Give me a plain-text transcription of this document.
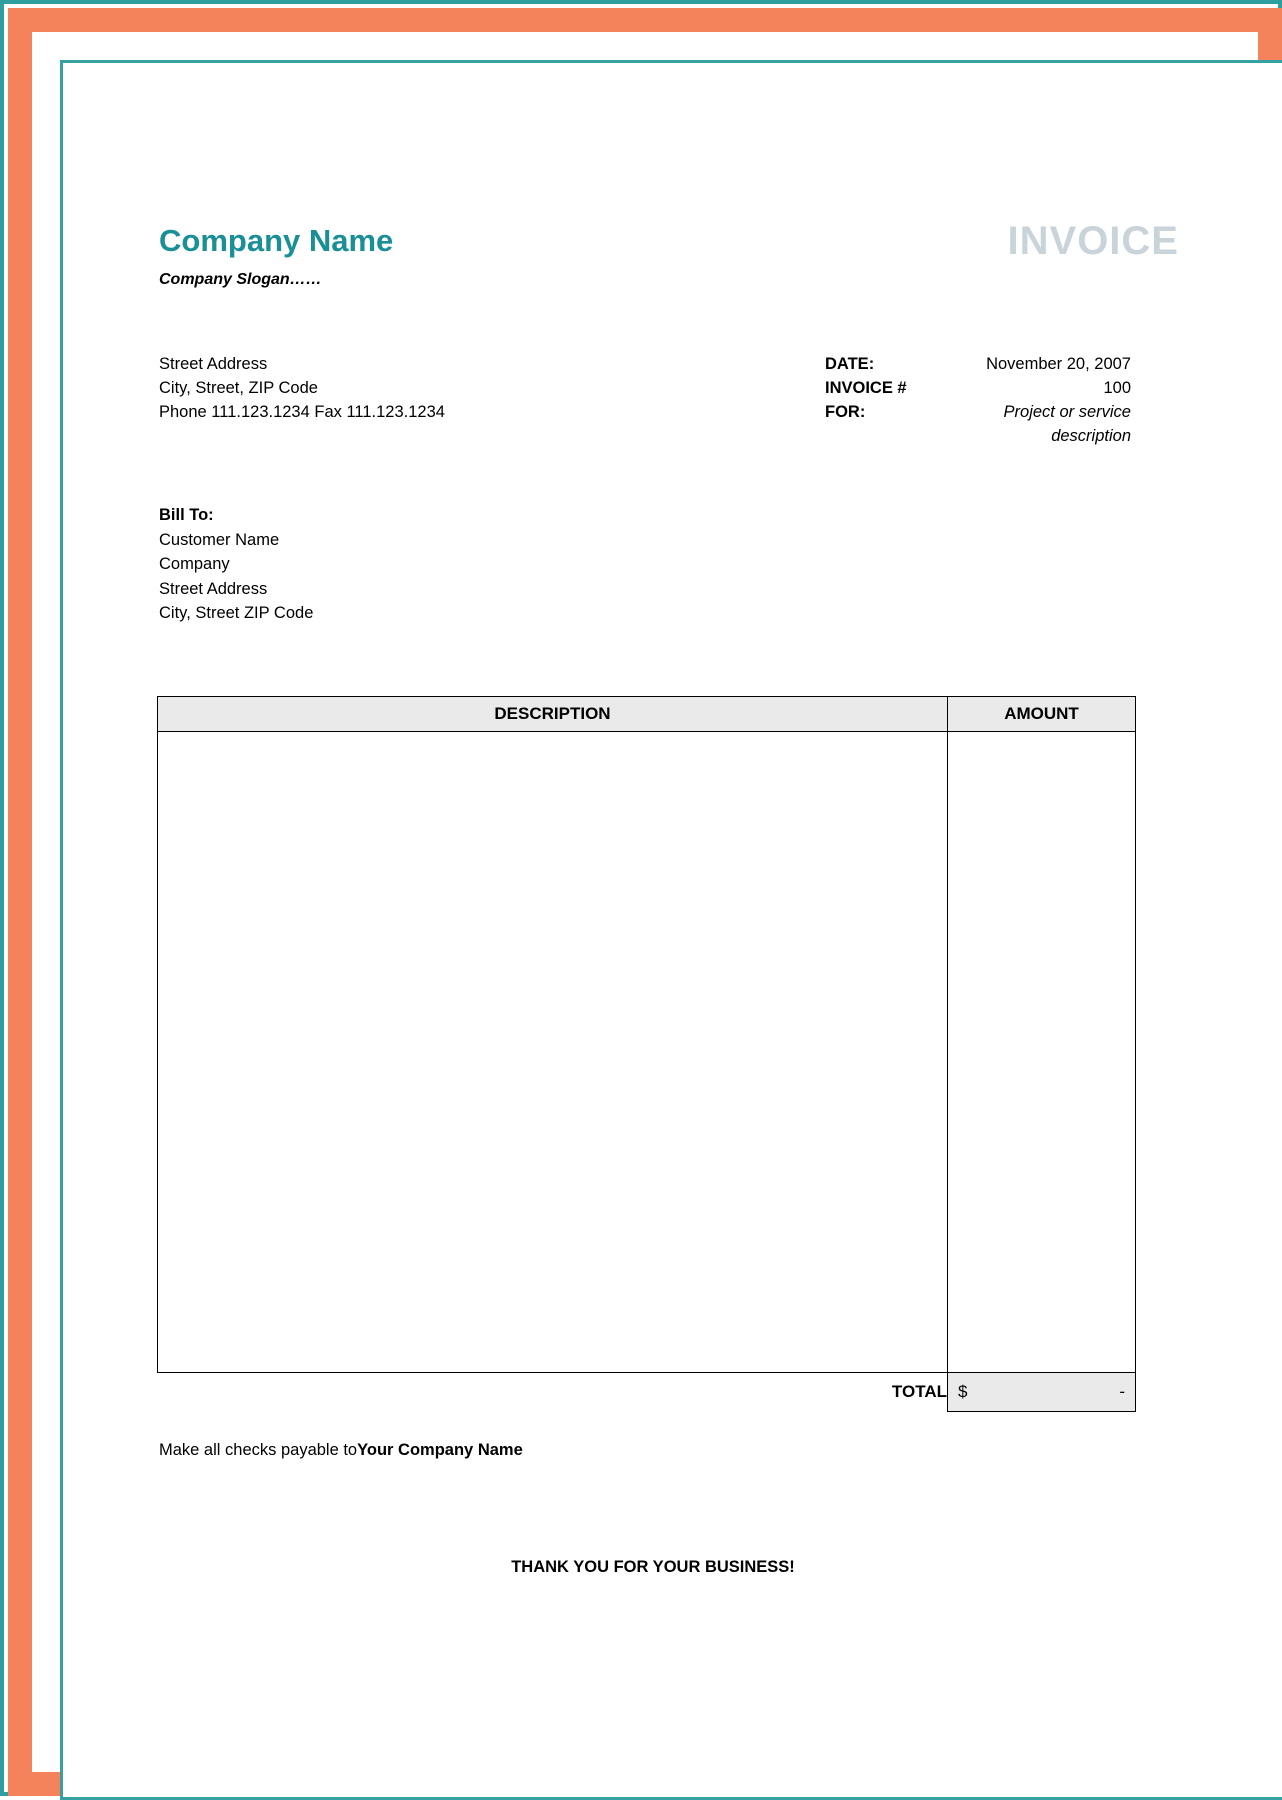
Company Name
Company Slogan……
INVOICE
Street Address
City, Street, ZIP Code
Phone 111.123.1234 Fax 111.123.1234
DATE:	November 20, 2007
INVOICE #	100
FOR:	Project or service description
Bill To:
Customer Name
Company
Street Address
City, Street ZIP Code
DESCRIPTION	AMOUNT

TOTAL	$ -
Make all checks payable toYour Company Name
THANK YOU FOR YOUR BUSINESS!
